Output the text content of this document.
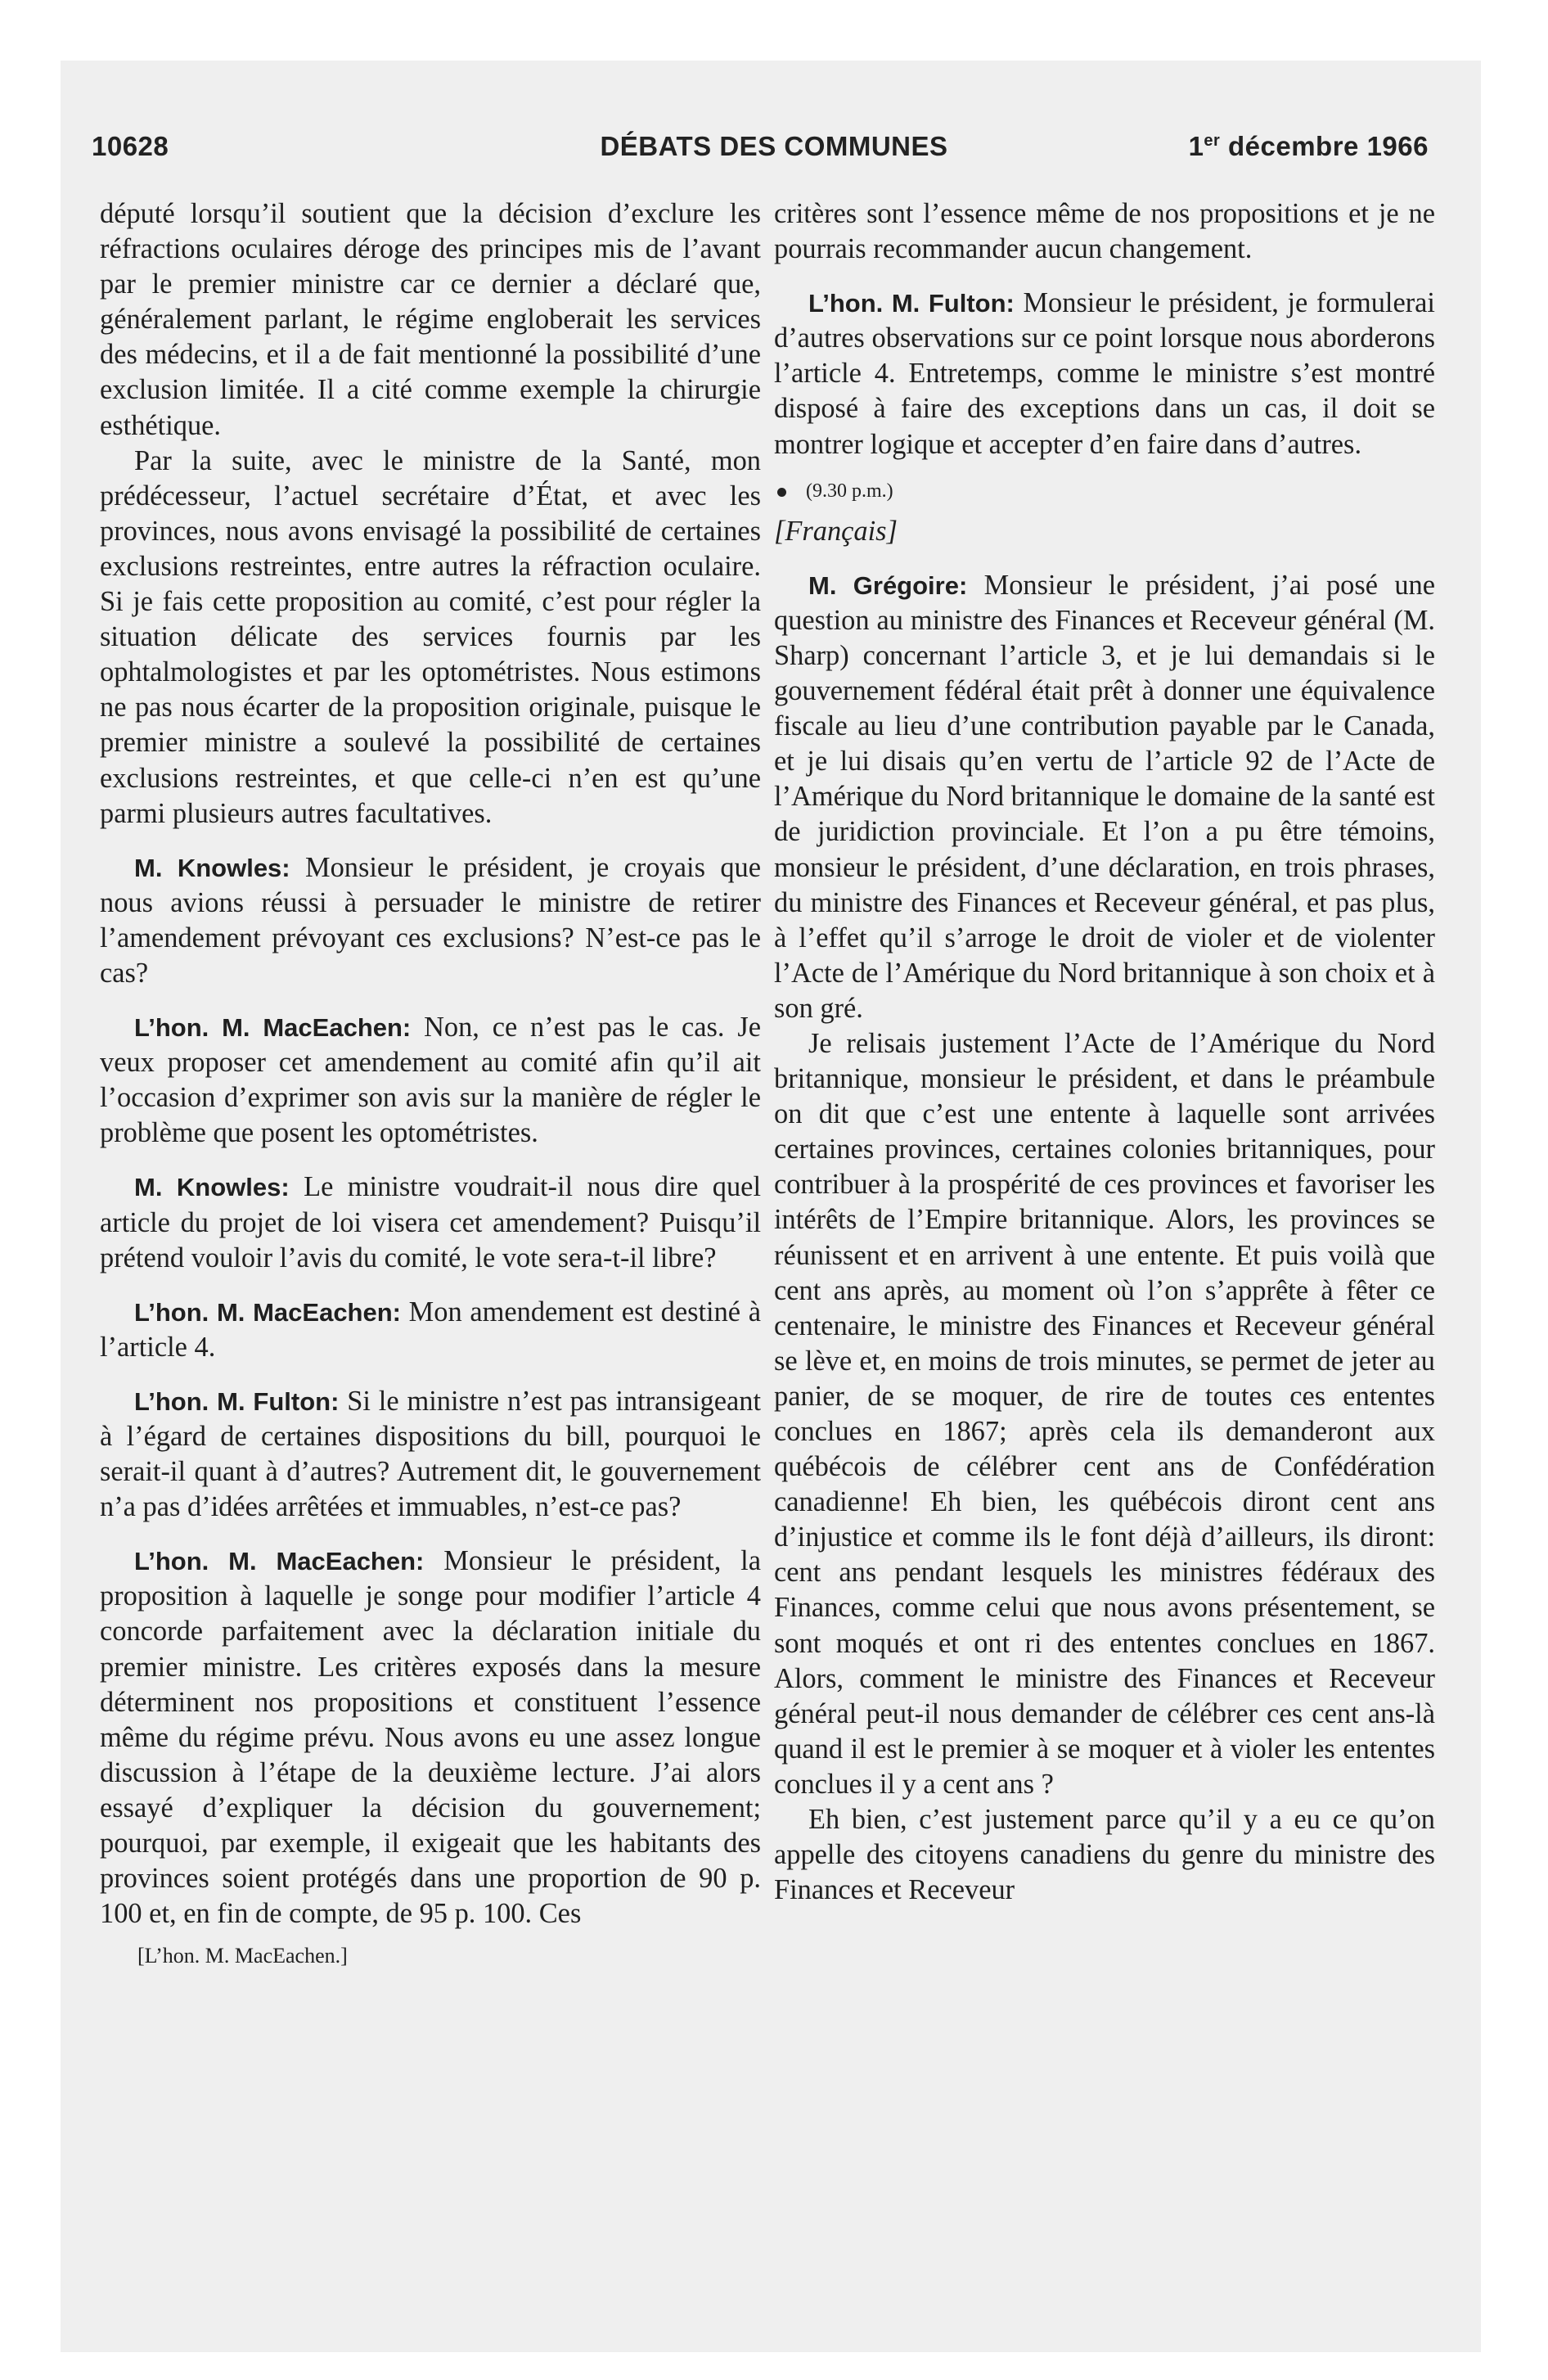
10628	DÉBATS DES COMMUNES	1er décembre 1966

député lorsqu’il soutient que la décision d’exclure les réfractions oculaires déroge des principes mis de l’avant par le premier ministre car ce dernier a déclaré que, généralement parlant, le régime engloberait les services des médecins, et il a de fait mentionné la possibilité d’une exclusion limitée. Il a cité comme exemple la chirurgie esthétique.

Par la suite, avec le ministre de la Santé, mon prédécesseur, l’actuel secrétaire d’État, et avec les provinces, nous avons envisagé la possibilité de certaines exclusions restreintes, entre autres la réfraction oculaire. Si je fais cette proposition au comité, c’est pour régler la situation délicate des services fournis par les ophtalmologistes et par les optométristes. Nous estimons ne pas nous écarter de la proposition originale, puisque le premier ministre a soulevé la possibilité de certaines exclusions restreintes, et que celle-ci n’en est qu’une parmi plusieurs autres facultatives.

M. Knowles: Monsieur le président, je croyais que nous avions réussi à persuader le ministre de retirer l’amendement prévoyant ces exclusions? N’est-ce pas le cas?

L’hon. M. MacEachen: Non, ce n’est pas le cas. Je veux proposer cet amendement au comité afin qu’il ait l’occasion d’exprimer son avis sur la manière de régler le problème que posent les optométristes.

M. Knowles: Le ministre voudrait-il nous dire quel article du projet de loi visera cet amendement? Puisqu’il prétend vouloir l’avis du comité, le vote sera-t-il libre?

L’hon. M. MacEachen: Mon amendement est destiné à l’article 4.

L’hon. M. Fulton: Si le ministre n’est pas intransigeant à l’égard de certaines dispositions du bill, pourquoi le serait-il quant à d’autres? Autrement dit, le gouvernement n’a pas d’idées arrêtées et immuables, n’est-ce pas?

L’hon. M. MacEachen: Monsieur le président, la proposition à laquelle je songe pour modifier l’article 4 concorde parfaitement avec la déclaration initiale du premier ministre. Les critères exposés dans la mesure déterminent nos propositions et constituent l’essence même du régime prévu. Nous avons eu une assez longue discussion à l’étape de la deuxième lecture. J’ai alors essayé d’expliquer la décision du gouvernement; pourquoi, par exemple, il exigeait que les habitants des provinces soient protégés dans une proportion de 90 p. 100 et, en fin de compte, de 95 p. 100. Ces

[L’hon. M. MacEachen.]

critères sont l’essence même de nos propositions et je ne pourrais recommander aucun changement.

L’hon. M. Fulton: Monsieur le président, je formulerai d’autres observations sur ce point lorsque nous aborderons l’article 4. Entretemps, comme le ministre s’est montré disposé à faire des exceptions dans un cas, il doit se montrer logique et accepter d’en faire dans d’autres.

(9.30 p.m.)
[Français]

M. Grégoire: Monsieur le président, j’ai posé une question au ministre des Finances et Receveur général (M. Sharp) concernant l’article 3, et je lui demandais si le gouvernement fédéral était prêt à donner une équivalence fiscale au lieu d’une contribution payable par le Canada, et je lui disais qu’en vertu de l’article 92 de l’Acte de l’Amérique du Nord britannique le domaine de la santé est de juridiction provinciale. Et l’on a pu être témoins, monsieur le président, d’une déclaration, en trois phrases, du ministre des Finances et Receveur général, et pas plus, à l’effet qu’il s’arroge le droit de violer et de violenter l’Acte de l’Amérique du Nord britannique à son choix et à son gré.

Je relisais justement l’Acte de l’Amérique du Nord britannique, monsieur le président, et dans le préambule on dit que c’est une entente à laquelle sont arrivées certaines provinces, certaines colonies britanniques, pour contribuer à la prospérité de ces provinces et favoriser les intérêts de l’Empire britannique. Alors, les provinces se réunissent et en arrivent à une entente. Et puis voilà que cent ans après, au moment où l’on s’apprête à fêter ce centenaire, le ministre des Finances et Receveur général se lève et, en moins de trois minutes, se permet de jeter au panier, de se moquer, de rire de toutes ces ententes conclues en 1867; après cela ils demanderont aux québécois de célébrer cent ans de Confédération canadienne! Eh bien, les québécois diront cent ans d’injustice et comme ils le font déjà d’ailleurs, ils diront: cent ans pendant lesquels les ministres fédéraux des Finances, comme celui que nous avons présentement, se sont moqués et ont ri des ententes conclues en 1867. Alors, comment le ministre des Finances et Receveur général peut-il nous demander de célébrer ces cent ans-là quand il est le premier à se moquer et à violer les ententes conclues il y a cent ans ?

Eh bien, c’est justement parce qu’il y a eu ce qu’on appelle des citoyens canadiens du genre du ministre des Finances et Receveur
